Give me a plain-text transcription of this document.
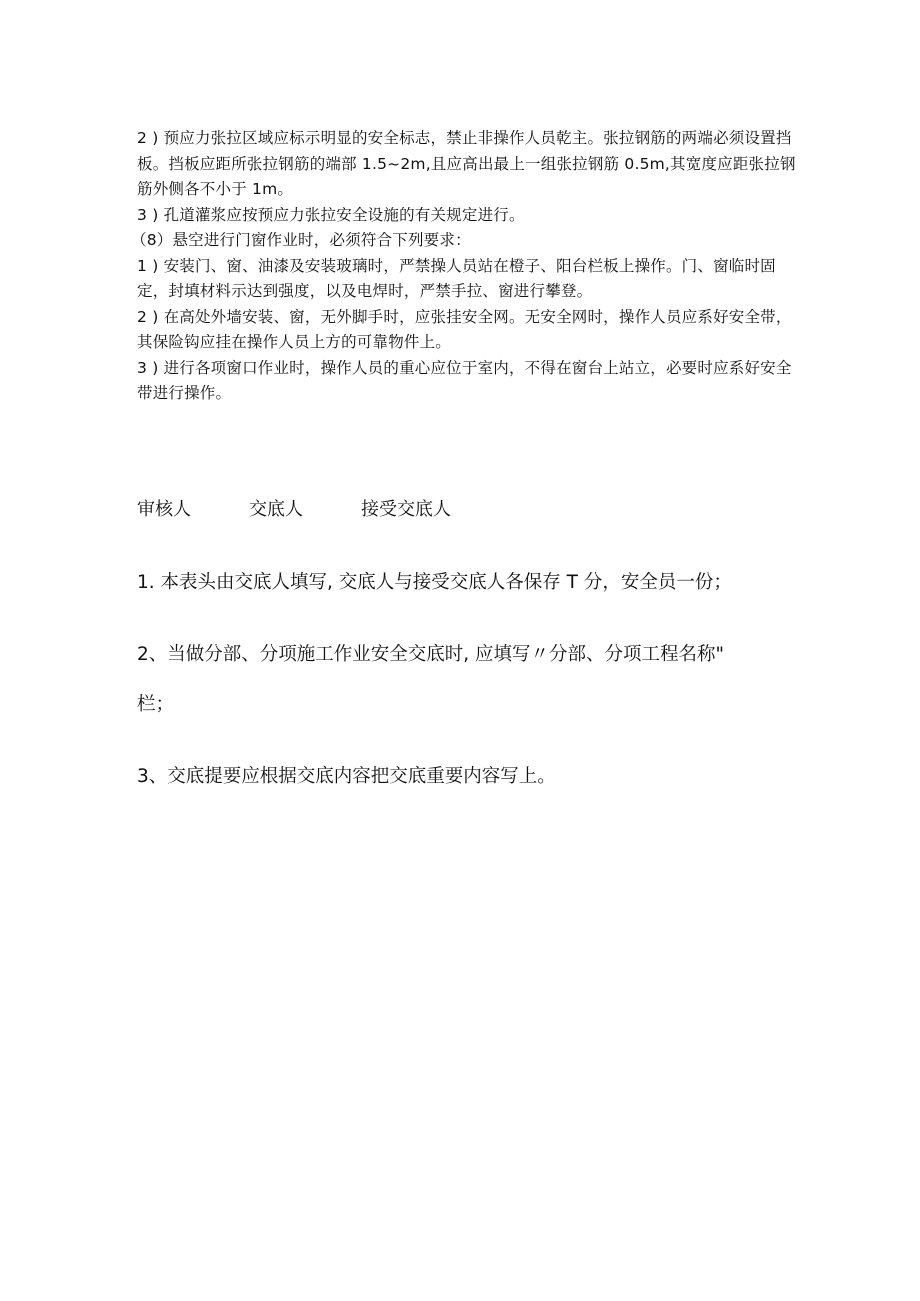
2 ) 预应力张拉区域应标示明显的安全标志，禁止非操作人员乾主。张拉钢筋的两端必须设置挡板。挡板应距所张拉钢筋的端部 1.5~2m,且应高出最上一组张拉钢筋 0.5m,其宽度应距张拉钢筋外侧各不小于 1m。

3 ) 孔道灌浆应按预应力张拉安全设施的有关规定进行。

（8）悬空进行门窗作业时，必须符合下列要求：

1 ) 安装门、窗、油漆及安装玻璃时，严禁操人员站在橙子、阳台栏板上操作。门、窗临时固定，封填材料示达到强度，以及电焊时，严禁手拉、窗进行攀登。

2 ) 在高处外墙安装、窗，无外脚手时，应张挂安全网。无安全网时，操作人员应系好安全带，其保险钩应挂在操作人员上方的可靠物件上。

3 ) 进行各项窗口作业时，操作人员的重心应位于室内，不得在窗台上站立，必要时应系好安全带进行操作。

审核人	交底人	接受交底人
1. 本表头由交底人填写, 交底人与接受交底人各保存 T 分，安全员一份；
2、当做分部、分项施工作业安全交底时, 应填写〃分部、分项工程名称"
栏；
3、交底提要应根据交底内容把交底重要内容写上。
